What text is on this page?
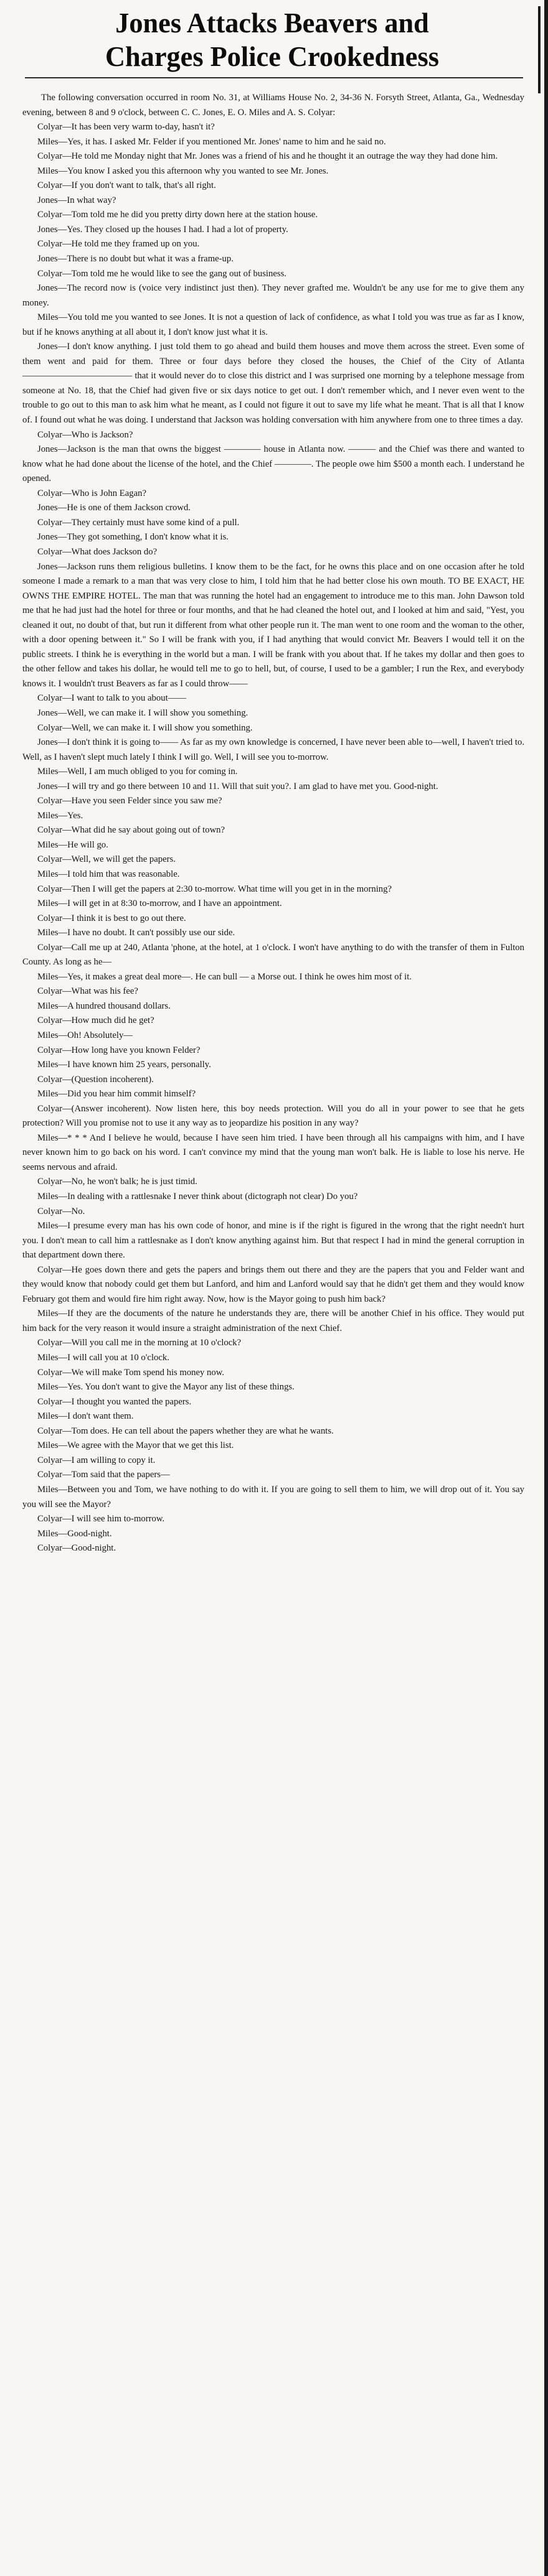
Jones Attacks Beavers and
Charges Police Crookedness

The following conversation occurred in room No. 31, at Williams House No. 2, 34-36 N. Forsyth Street, Atlanta, Ga., Wednesday evening, between 8 and 9 o'clock, between C. C. Jones, E. O. Miles and A. S. Colyar:

Colyar—It has been very warm to-day, hasn't it?

Miles—Yes, it has. I asked Mr. Felder if you mentioned Mr. Jones' name to him and he said no.

Colyar—He told me Monday night that Mr. Jones was a friend of his and he thought it an outrage the way they had done him.

Miles—You know I asked you this afternoon why you wanted to see Mr. Jones.

Colyar—If you don't want to talk, that's all right.

Jones—In what way?

Colyar—Tom told me he did you pretty dirty down here at the station house.

Jones—Yes. They closed up the houses I had. I had a lot of property.

Colyar—He told me they framed up on you.

Jones—There is no doubt but what it was a frame-up.

Colyar—Tom told me he would like to see the gang out of business.

Jones—The record now is (voice very indistinct just then). They never grafted me. Wouldn't be any use for me to give them any money.

Miles—You told me you wanted to see Jones. It is not a question of lack of confidence, as what I told you was true as far as I know, but if he knows anything at all about it, I don't know just what it is.

Jones—I don't know anything. I just told them to go ahead and build them houses and move them across the street. Even some of them went and paid for them. Three or four days before they closed the houses, the Chief of the City of Atlanta ———————————— that it would never do to close this district and I was surprised one morning by a telephone message from someone at No. 18, that the Chief had given five or six days notice to get out. I don't remember which, and I never even went to the trouble to go out to this man to ask him what he meant, as I could not figure it out to save my life what he meant. That is all that I know of. I found out what he was doing. I understand that Jackson was holding conversation with him anywhere from one to three times a day.

Colyar—Who is Jackson?

Jones—Jackson is the man that owns the biggest ———— house in Atlanta now. ——— and the Chief was there and wanted to know what he had done about the license of the hotel, and the Chief ————. The people owe him $500 a month each. I understand he opened.

Colyar—Who is John Eagan?

Jones—He is one of them Jackson crowd.

Colyar—They certainly must have some kind of a pull.

Jones—They got something, I don't know what it is.

Colyar—What does Jackson do?

Jones—Jackson runs them religious bulletins. I know them to be the fact, for he owns this place and on one occasion after he told someone I made a remark to a man that was very close to him, I told him that he had better close his own mouth. TO BE EXACT, HE OWNS THE EMPIRE HOTEL. The man that was running the hotel had an engagement to introduce me to this man. John Dawson told me that he had just had the hotel for three or four months, and that he had cleaned the hotel out, and I looked at him and said, "Yest, you cleaned it out, no doubt of that, but run it different from what other people run it. The man went to one room and the woman to the other, with a door opening between it." So I will be frank with you, if I had anything that would convict Mr. Beavers I would tell it on the public streets. I think he is everything in the world but a man. I will be frank with you about that. If he takes my dollar and then goes to the other fellow and takes his dollar, he would tell me to go to hell, but, of course, I used to be a gambler; I run the Rex, and everybody knows it. I wouldn't trust Beavers as far as I could throw——

Colyar—I want to talk to you about——

Jones—Well, we can make it. I will show you something.

Colyar—Well, we can make it. I will show you something.

Jones—I don't think it is going to—— As far as my own knowledge is concerned, I have never been able to—well, I haven't tried to. Well, as I haven't slept much lately I think I will go. Well, I will see you to-morrow.

Miles—Well, I am much obliged to you for coming in.

Jones—I will try and go there between 10 and 11. Will that suit you?. I am glad to have met you. Good-night.

Colyar—Have you seen Felder since you saw me?

Miles—Yes.

Colyar—What did he say about going out of town?

Miles—He will go.

Colyar—Well, we will get the papers.

Miles—I told him that was reasonable.

Colyar—Then I will get the papers at 2:30 to-morrow. What time will you get in in the morning?

Miles—I will get in at 8:30 to-morrow, and I have an appointment.

Colyar—I think it is best to go out there.

Miles—I have no doubt. It can't possibly use our side.

Colyar—Call me up at 240, Atlanta 'phone, at the hotel, at 1 o'clock. I won't have anything to do with the transfer of them in Fulton County. As long as he—

Miles—Yes, it makes a great deal more—. He can bull — a Morse out. I think he owes him most of it.

Colyar—What was his fee?

Miles—A hundred thousand dollars.

Colyar—How much did he get?

Miles—Oh! Absolutely—

Colyar—How long have you known Felder?

Miles—I have known him 25 years, personally.

Colyar—(Question incoherent).

Miles—Did you hear him commit himself?

Colyar—(Answer incoherent). Now listen here, this boy needs protection. Will you do all in your power to see that he gets protection? Will you promise not to use it any way as to jeopardize his position in any way?

Miles—* * * And I believe he would, because I have seen him tried. I have been through all his campaigns with him, and I have never known him to go back on his word. I can't convince my mind that the young man won't balk. He is liable to lose his nerve. He seems nervous and afraid.

Colyar—No, he won't balk; he is just timid.

Miles—In dealing with a rattlesnake I never think about (dictograph not clear) Do you?

Colyar—No.

Miles—I presume every man has his own code of honor, and mine is if the right is figured in the wrong that the right needn't hurt you. I don't mean to call him a rattlesnake as I don't know anything against him. But that respect I had in mind the general corruption in that department down there.

Colyar—He goes down there and gets the papers and brings them out there and they are the papers that you and Felder want and they would know that nobody could get them but Lanford, and him and Lanford would say that he didn't get them and they would know February got them and would fire him right away. Now, how is the Mayor going to push him back?

Miles—If they are the documents of the nature he understands they are, there will be another Chief in his office. They would put him back for the very reason it would insure a straight administration of the next Chief.

Colyar—Will you call me in the morning at 10 o'clock?

Miles—I will call you at 10 o'clock.

Colyar—We will make Tom spend his money now.

Miles—Yes. You don't want to give the Mayor any list of these things.

Colyar—I thought you wanted the papers.

Miles—I don't want them.

Colyar—Tom does. He can tell about the papers whether they are what he wants.

Miles—We agree with the Mayor that we get this list.

Colyar—I am willing to copy it.

Colyar—Tom said that the papers—

Miles—Between you and Tom, we have nothing to do with it. If you are going to sell them to him, we will drop out of it. You say you will see the Mayor?

Colyar—I will see him to-morrow.

Miles—Good-night.

Colyar—Good-night.
